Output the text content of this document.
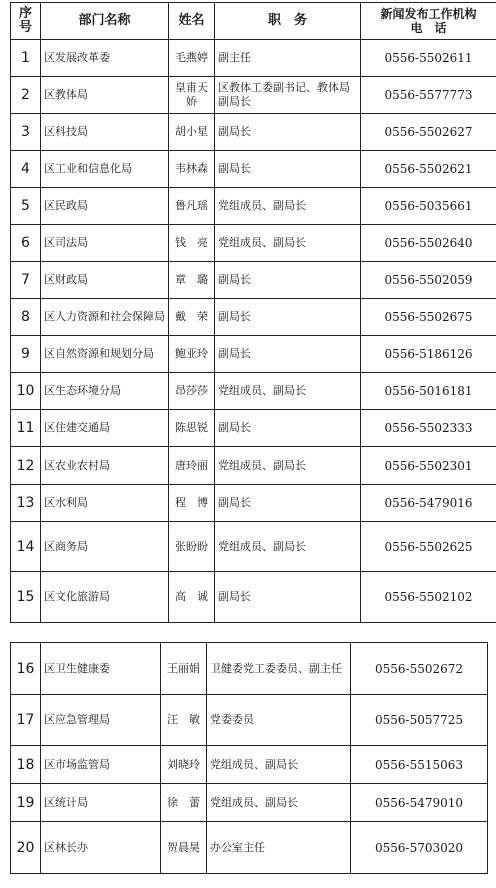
序号	部门名称	姓名	职　务	新闻发布工作机构
电　话

1	区发展改革委	毛燕婷	副主任	0556-5502611
2	区教体局	皇甫天娇	区教体工委副书记、教体局副局长	0556-5577773
3	区科技局	胡小星	副局长	0556-5502627
4	区工业和信息化局	韦林森	副局长	0556-5502621
5	区民政局	鲁凡瑶	党组成员、副局长	0556-5035661
6	区司法局	钱　亮	党组成员、副局长	0556-5502640
7	区财政局	章　璐	副局长	0556-5502059
8	区人力资源和社会保障局	戴　荣	副局长	0556-5502675
9	区自然资源和规划分局	鲍亚玲	副局长	0556-5186126
10	区生态环境分局	昂莎莎	党组成员、副局长	0556-5016181
11	区住建交通局	陈思锐	副局长	0556-5502333
12	区农业农村局	唐玲丽	党组成员、副局长	0556-5502301
13	区水利局	程　博	副局长	0556-5479016
14	区商务局	张盼盼	党组成员、副局长	0556-5502625
15	区文化旅游局	高　诚	副局长	0556-5502102
16	区卫生健康委	王丽娟	卫健委党工委委员、副主任	0556-5502672
17	区应急管理局	汪　敏	党委委员	0556-5057725
18	区市场监管局	刘晓玲	党组成员、副局长	0556-5515063
19	区统计局	徐　蕾	党组成员、副局长	0556-5479010
20	区林长办	贺晨昊	办公室主任	0556-5703020
